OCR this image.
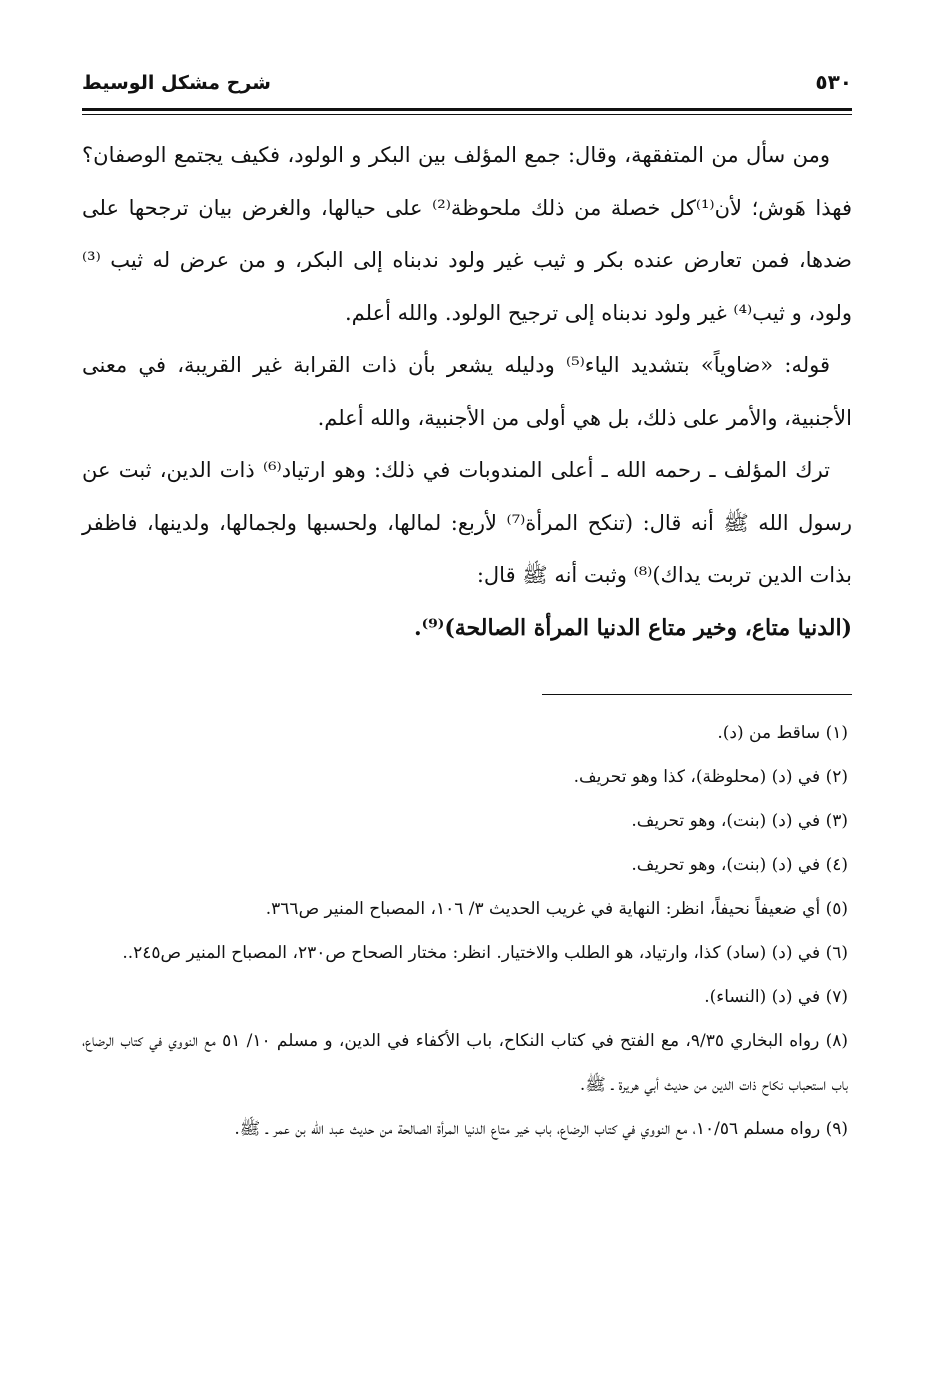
٥٣٠
شرح مشكل الوسيط

ومن سأل من المتفقهة، وقال: جمع المؤلف بين البكر و الولود، فكيف يجتمع الوصفان؟ فهذا هَوش؛ لأن⁽¹⁾كل خصلة من ذلك ملحوظة⁽²⁾ على حيالها، والغرض بيان ترجحها على ضدها، فمن تعارض عنده بكر و ثيب غير ولود ندبناه إلى البكر، و من عرض له ثيب ⁽³⁾ ولود، و ثيب⁽⁴⁾ غير ولود ندبناه إلى ترجيح الولود. والله أعلم.

قوله: «ضاوياً» بتشديد الياء⁽⁵⁾ ودليله يشعر بأن ذات القرابة غير القريبة، في معنى الأجنبية، والأمر على ذلك، بل هي أولى من الأجنبية، والله أعلم.

ترك المؤلف ـ رحمه الله ـ أعلى المندوبات في ذلك: وهو ارتياد⁽⁶⁾ ذات الدين، ثبت عن رسول الله ﷺ أنه قال: (تنكح المرأة⁽⁷⁾ لأربع: لمالها، ولحسبها ولجمالها، ولدينها، فاظفر بذات الدين تربت يداك)⁽⁸⁾ وثبت أنه ﷺ قال:

(الدنيا متاع، وخير متاع الدنيا المرأة الصالحة)⁽⁹⁾.

(١) ساقط من (د).

(٢) في (د) (محلوظة)، كذا وهو تحريف.

(٣) في (د) (بنت)، وهو تحريف.

(٤) في (د) (بنت)، وهو تحريف.

(٥) أي ضعيفاً نحيفاً، انظر: النهاية في غريب الحديث ٣/ ١٠٦، المصباح المنير ص٣٦٦.

(٦) في (د) (ساد) كذا، وارتياد، هو الطلب والاختيار. انظر: مختار الصحاح ص٢٣٠، المصباح المنير ص٢٤٥..

(٧) في (د) (النساء).

(٨) رواه البخاري ٩/٣٥، مع الفتح في كتاب النكاح، باب الأكفاء في الدين، و مسلم ١٠/ ٥١ مع النووي في كتاب الرضاع، باب استحباب نكاح ذات الدين من حديث أبي هريرة ـ ﷺ.

(٩) رواه مسلم ١٠/٥٦، مع النووي في كتاب الرضاع، باب خير متاع الدنيا المرأة الصالحة من حديث عبد الله بن عمر ـ ﷺ.
